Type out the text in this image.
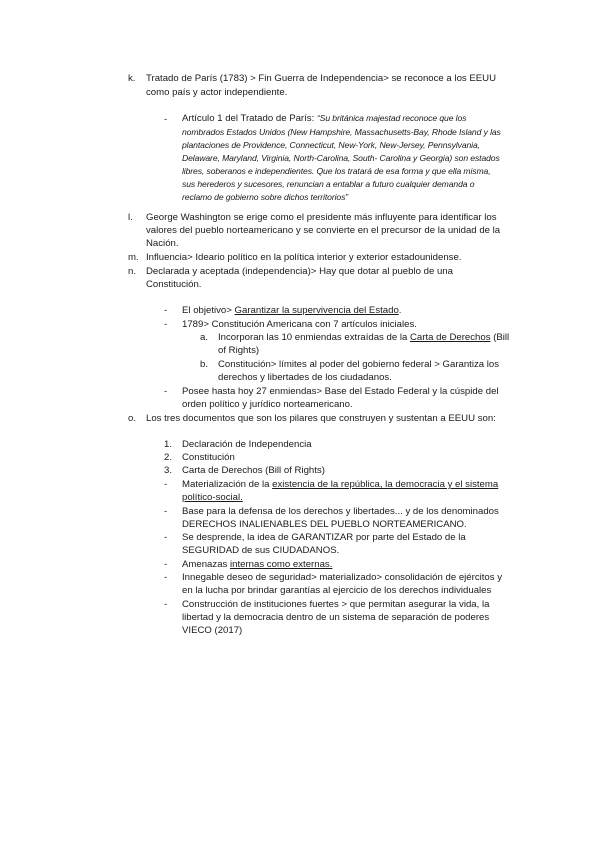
k. Tratado de París (1783) > Fin Guerra de Independencia> se reconoce a los EEUU
como país y actor independiente.
- Artículo 1 del Tratado de París: “Su británica majestad reconoce que los
nombrados Estados Unidos (New Hampshire, Massachusetts-Bay, Rhode Island y las
plantaciones de Providence, Connecticut, New-York, New-Jersey, Pennsylvania,
Delaware, Maryland, Virginia, North-Carolina, South- Carolina y Georgia) son estados
libres, soberanos e independientes. Que los tratará de esa forma y que ella misma,
sus herederos y sucesores, renuncian a entablar a futuro cualquier demanda o
reclamo de gobierno sobre dichos territorios”
l. George Washington se erige como el presidente más influyente para identificar los
valores del pueblo norteamericano y se convierte en el precursor de la unidad de la
Nación.
m. Influencia> Ideario político en la política interior y exterior estadounidense.
n. Declarada y aceptada (independencia)> Hay que dotar al pueblo de una
Constitución.
- El objetivo> Garantizar la supervivencia del Estado.
- 1789> Constitución Americana con 7 artículos iniciales.
a. Incorporan las 10 enmiendas extraídas de la Carta de Derechos (Bill
of Rights)
b. Constitución> límites al poder del gobierno federal > Garantiza los
derechos y libertades de los ciudadanos.
- Posee hasta hoy 27 enmiendas> Base del Estado Federal y la cúspide del
orden político y jurídico norteamericano.
o. Los tres documentos que son los pilares que construyen y sustentan a EEUU son:
1. Declaración de Independencia
2. Constitución
3. Carta de Derechos (Bill of Rights)
- Materialización de la existencia de la república, la democracia y el sistema
político-social.
- Base para la defensa de los derechos y libertades... y de los denominados
DERECHOS INALIENABLES DEL PUEBLO NORTEAMERICANO.
- Se desprende, la idea de GARANTIZAR por parte del Estado de la
SEGURIDAD de sus CIUDADANOS.
- Amenazas internas como externas.
- Innegable deseo de seguridad> materializado> consolidación de ejércitos y
en la lucha por brindar garantías al ejercicio de los derechos individuales
- Construcción de instituciones fuertes > que permitan asegurar la vida, la
libertad y la democracia dentro de un sistema de separación de poderes
VIECO (2017)
